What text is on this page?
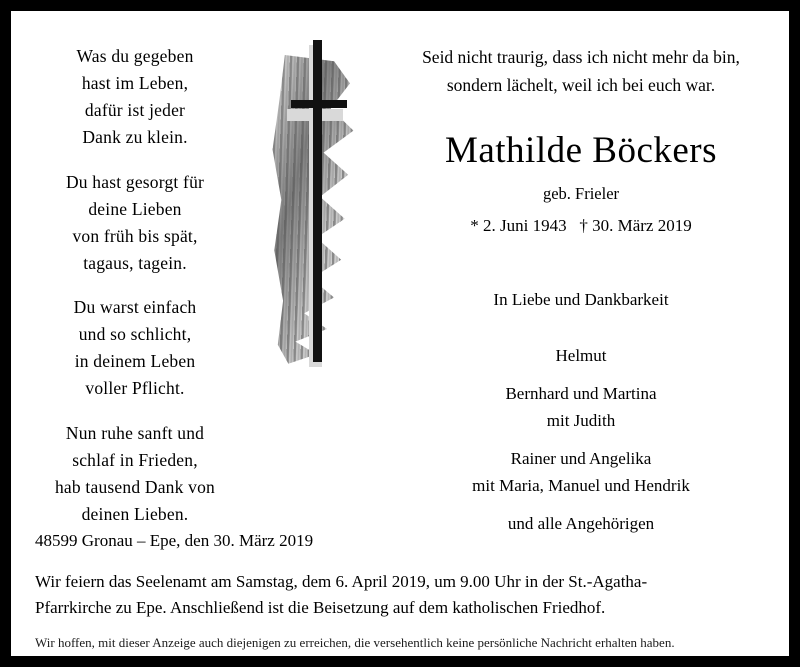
Was du gegeben
hast im Leben,
dafür ist jeder
Dank zu klein.
Du hast gesorgt für
deine Lieben
von früh bis spät,
tagaus, tagein.
Du warst einfach
und so schlicht,
in deinem Leben
voller Pflicht.
Nun ruhe sanft und
schlaf in Frieden,
hab tausend Dank von
deinen Lieben.
Seid nicht traurig, dass ich nicht mehr da bin,
sondern lächelt, weil ich bei euch war.
Mathilde Böckers
geb. Frieler
* 2. Juni 1943   † 30. März 2019
In Liebe und Dankbarkeit
Helmut
Bernhard und Martina
mit Judith
Rainer und Angelika
mit Maria, Manuel und Hendrik
und alle Angehörigen
48599 Gronau – Epe, den 30. März 2019
Wir feiern das Seelenamt am Samstag, dem 6. April 2019, um 9.00 Uhr in der St.-Agatha-
Pfarrkirche zu Epe. Anschließend ist die Beisetzung auf dem katholischen Friedhof.
Wir hoffen, mit dieser Anzeige auch diejenigen zu erreichen, die versehentlich keine persönliche Nachricht erhalten haben.
